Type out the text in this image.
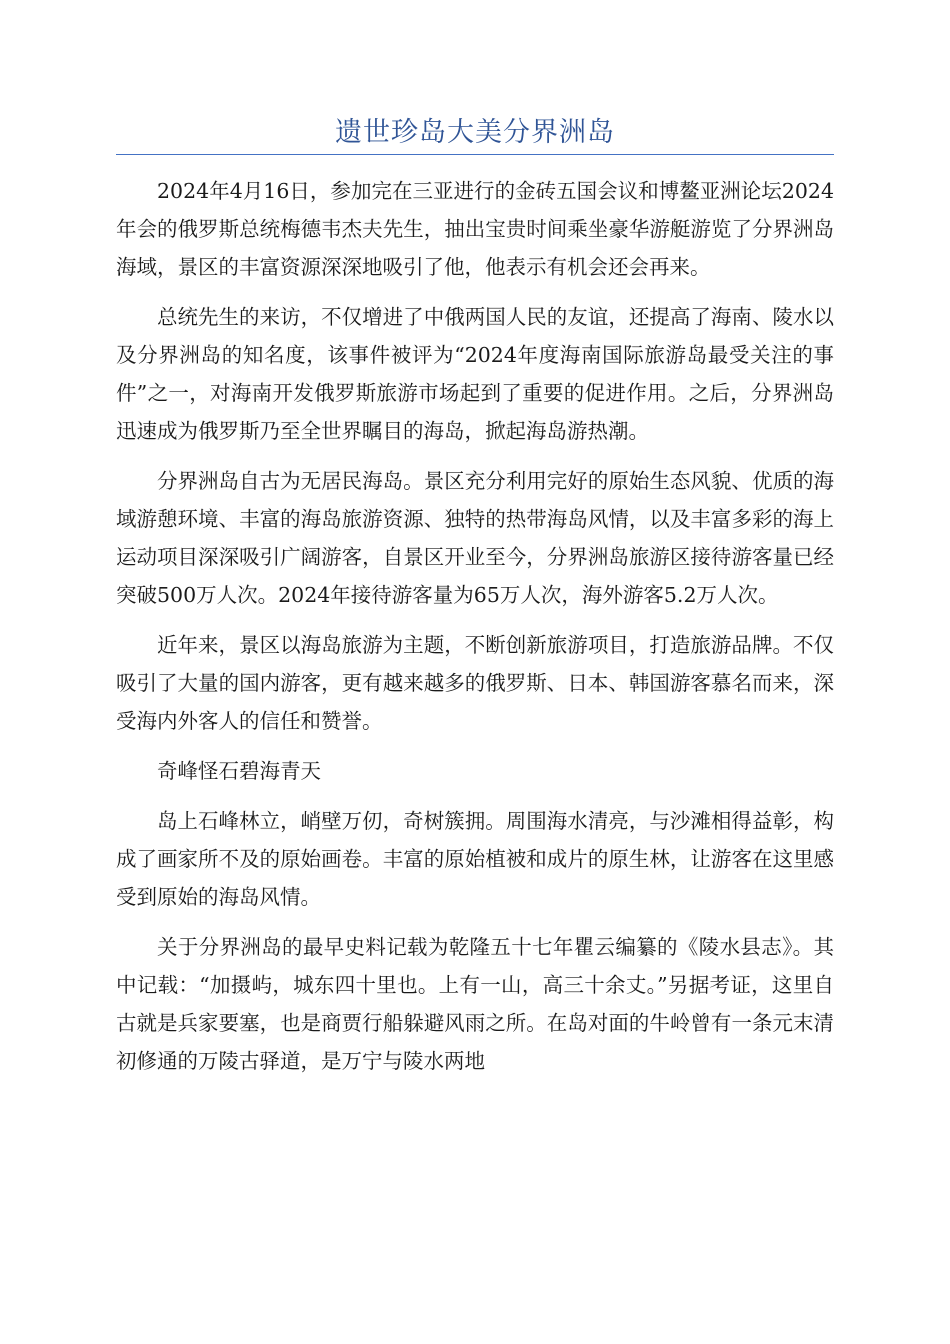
遗世珍岛大美分界洲岛

2024年4月16日，参加完在三亚进行的金砖五国会议和博鳌亚洲论坛2024年会的俄罗斯总统梅德韦杰夫先生，抽出宝贵时间乘坐豪华游艇游览了分界洲岛海域，景区的丰富资源深深地吸引了他，他表示有机会还会再来。

总统先生的来访，不仅增进了中俄两国人民的友谊，还提高了海南、陵水以及分界洲岛的知名度，该事件被评为“2024年度海南国际旅游岛最受关注的事件”之一，对海南开发俄罗斯旅游市场起到了重要的促进作用。之后，分界洲岛迅速成为俄罗斯乃至全世界瞩目的海岛，掀起海岛游热潮。

分界洲岛自古为无居民海岛。景区充分利用完好的原始生态风貌、优质的海域游憩环境、丰富的海岛旅游资源、独特的热带海岛风情，以及丰富多彩的海上运动项目深深吸引广阔游客，自景区开业至今，分界洲岛旅游区接待游客量已经突破500万人次。2024年接待游客量为65万人次，海外游客5.2万人次。

近年来，景区以海岛旅游为主题，不断创新旅游项目，打造旅游品牌。不仅吸引了大量的国内游客，更有越来越多的俄罗斯、日本、韩国游客慕名而来，深受海内外客人的信任和赞誉。

奇峰怪石碧海青天

岛上石峰林立，峭壁万仞，奇树簇拥。周围海水清亮，与沙滩相得益彰，构成了画家所不及的原始画卷。丰富的原始植被和成片的原生林，让游客在这里感受到原始的海岛风情。

关于分界洲岛的最早史料记载为乾隆五十七年瞿云编纂的《陵水县志》。其中记载：“加摄屿，城东四十里也。上有一山，高三十余丈。”另据考证，这里自古就是兵家要塞，也是商贾行船躲避风雨之所。在岛对面的牛岭曾有一条元末清初修通的万陵古驿道，是万宁与陵水两地
